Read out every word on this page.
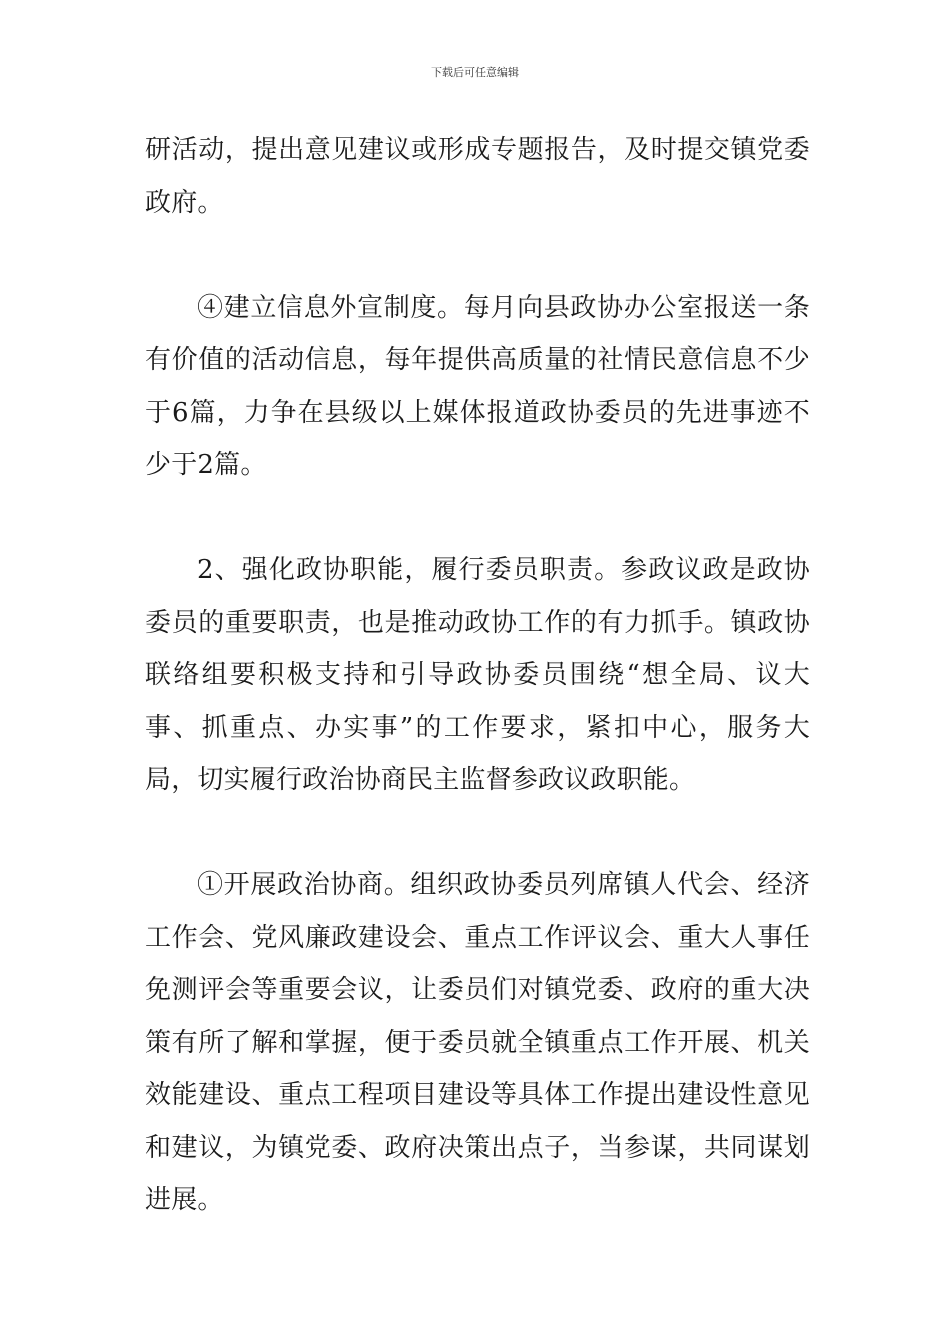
下载后可任意编辑

研活动，提出意见建议或形成专题报告，及时提交镇党委政府。

④建立信息外宣制度。每月向县政协办公室报送一条有价值的活动信息，每年提供高质量的社情民意信息不少于6篇，力争在县级以上媒体报道政协委员的先进事迹不少于2篇。

2、强化政协职能，履行委员职责。参政议政是政协委员的重要职责，也是推动政协工作的有力抓手。镇政协联络组要积极支持和引导政协委员围绕“想全局、议大事、抓重点、办实事”的工作要求，紧扣中心，服务大局，切实履行政治协商民主监督参政议政职能。

①开展政治协商。组织政协委员列席镇人代会、经济工作会、党风廉政建设会、重点工作评议会、重大人事任免测评会等重要会议，让委员们对镇党委、政府的重大决策有所了解和掌握，便于委员就全镇重点工作开展、机关效能建设、重点工程项目建设等具体工作提出建设性意见和建议，为镇党委、政府决策出点子，当参谋，共同谋划进展。
